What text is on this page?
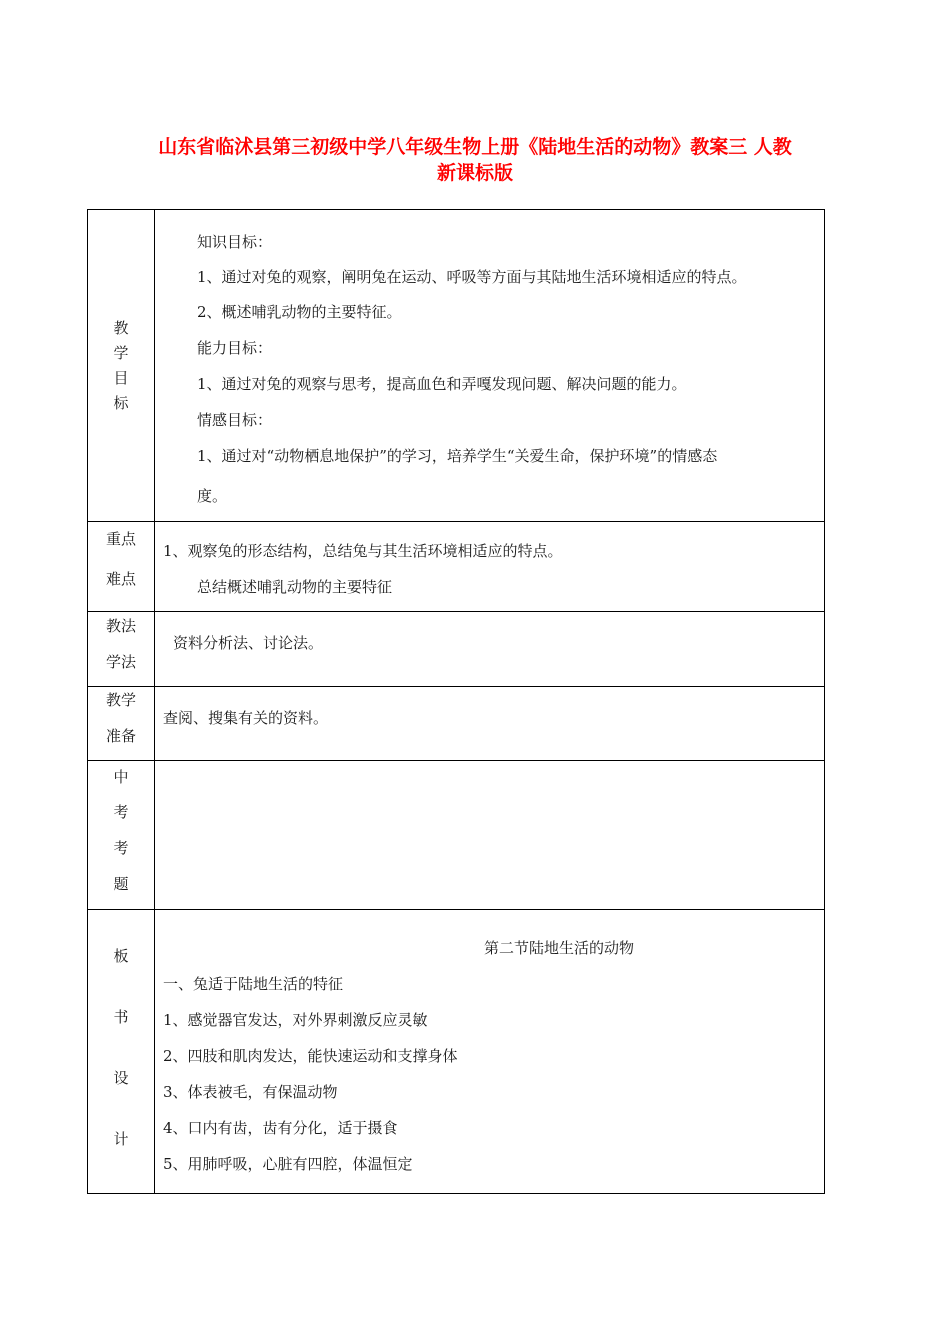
山东省临沭县第三初级中学八年级生物上册《陆地生活的动物》教案三 人教
新课标版
教
学
目
标
知识目标：
1、通过对兔的观察，阐明兔在运动、呼吸等方面与其陆地生活环境相适应的特点。
2、概述哺乳动物的主要特征。
能力目标：
1、通过对兔的观察与思考，提高血色和弄嘎发现问题、解决问题的能力。
情感目标：
1、通过对“动物栖息地保护”的学习，培养学生“关爱生命，保护环境”的情感态
度。
重点
难点
1、观察兔的形态结构，总结兔与其生活环境相适应的特点。
总结概述哺乳动物的主要特征
教法
学法
资料分析法、讨论法。
教学
准备
查阅、搜集有关的资料。
中
考
考
题
板
书
设
计
第二节陆地生活的动物
一、兔适于陆地生活的特征
1、感觉器官发达，对外界刺激反应灵敏
2、四肢和肌肉发达，能快速运动和支撑身体
3、体表被毛，有保温动物
4、口内有齿，齿有分化，适于摄食
5、用肺呼吸，心脏有四腔，体温恒定
